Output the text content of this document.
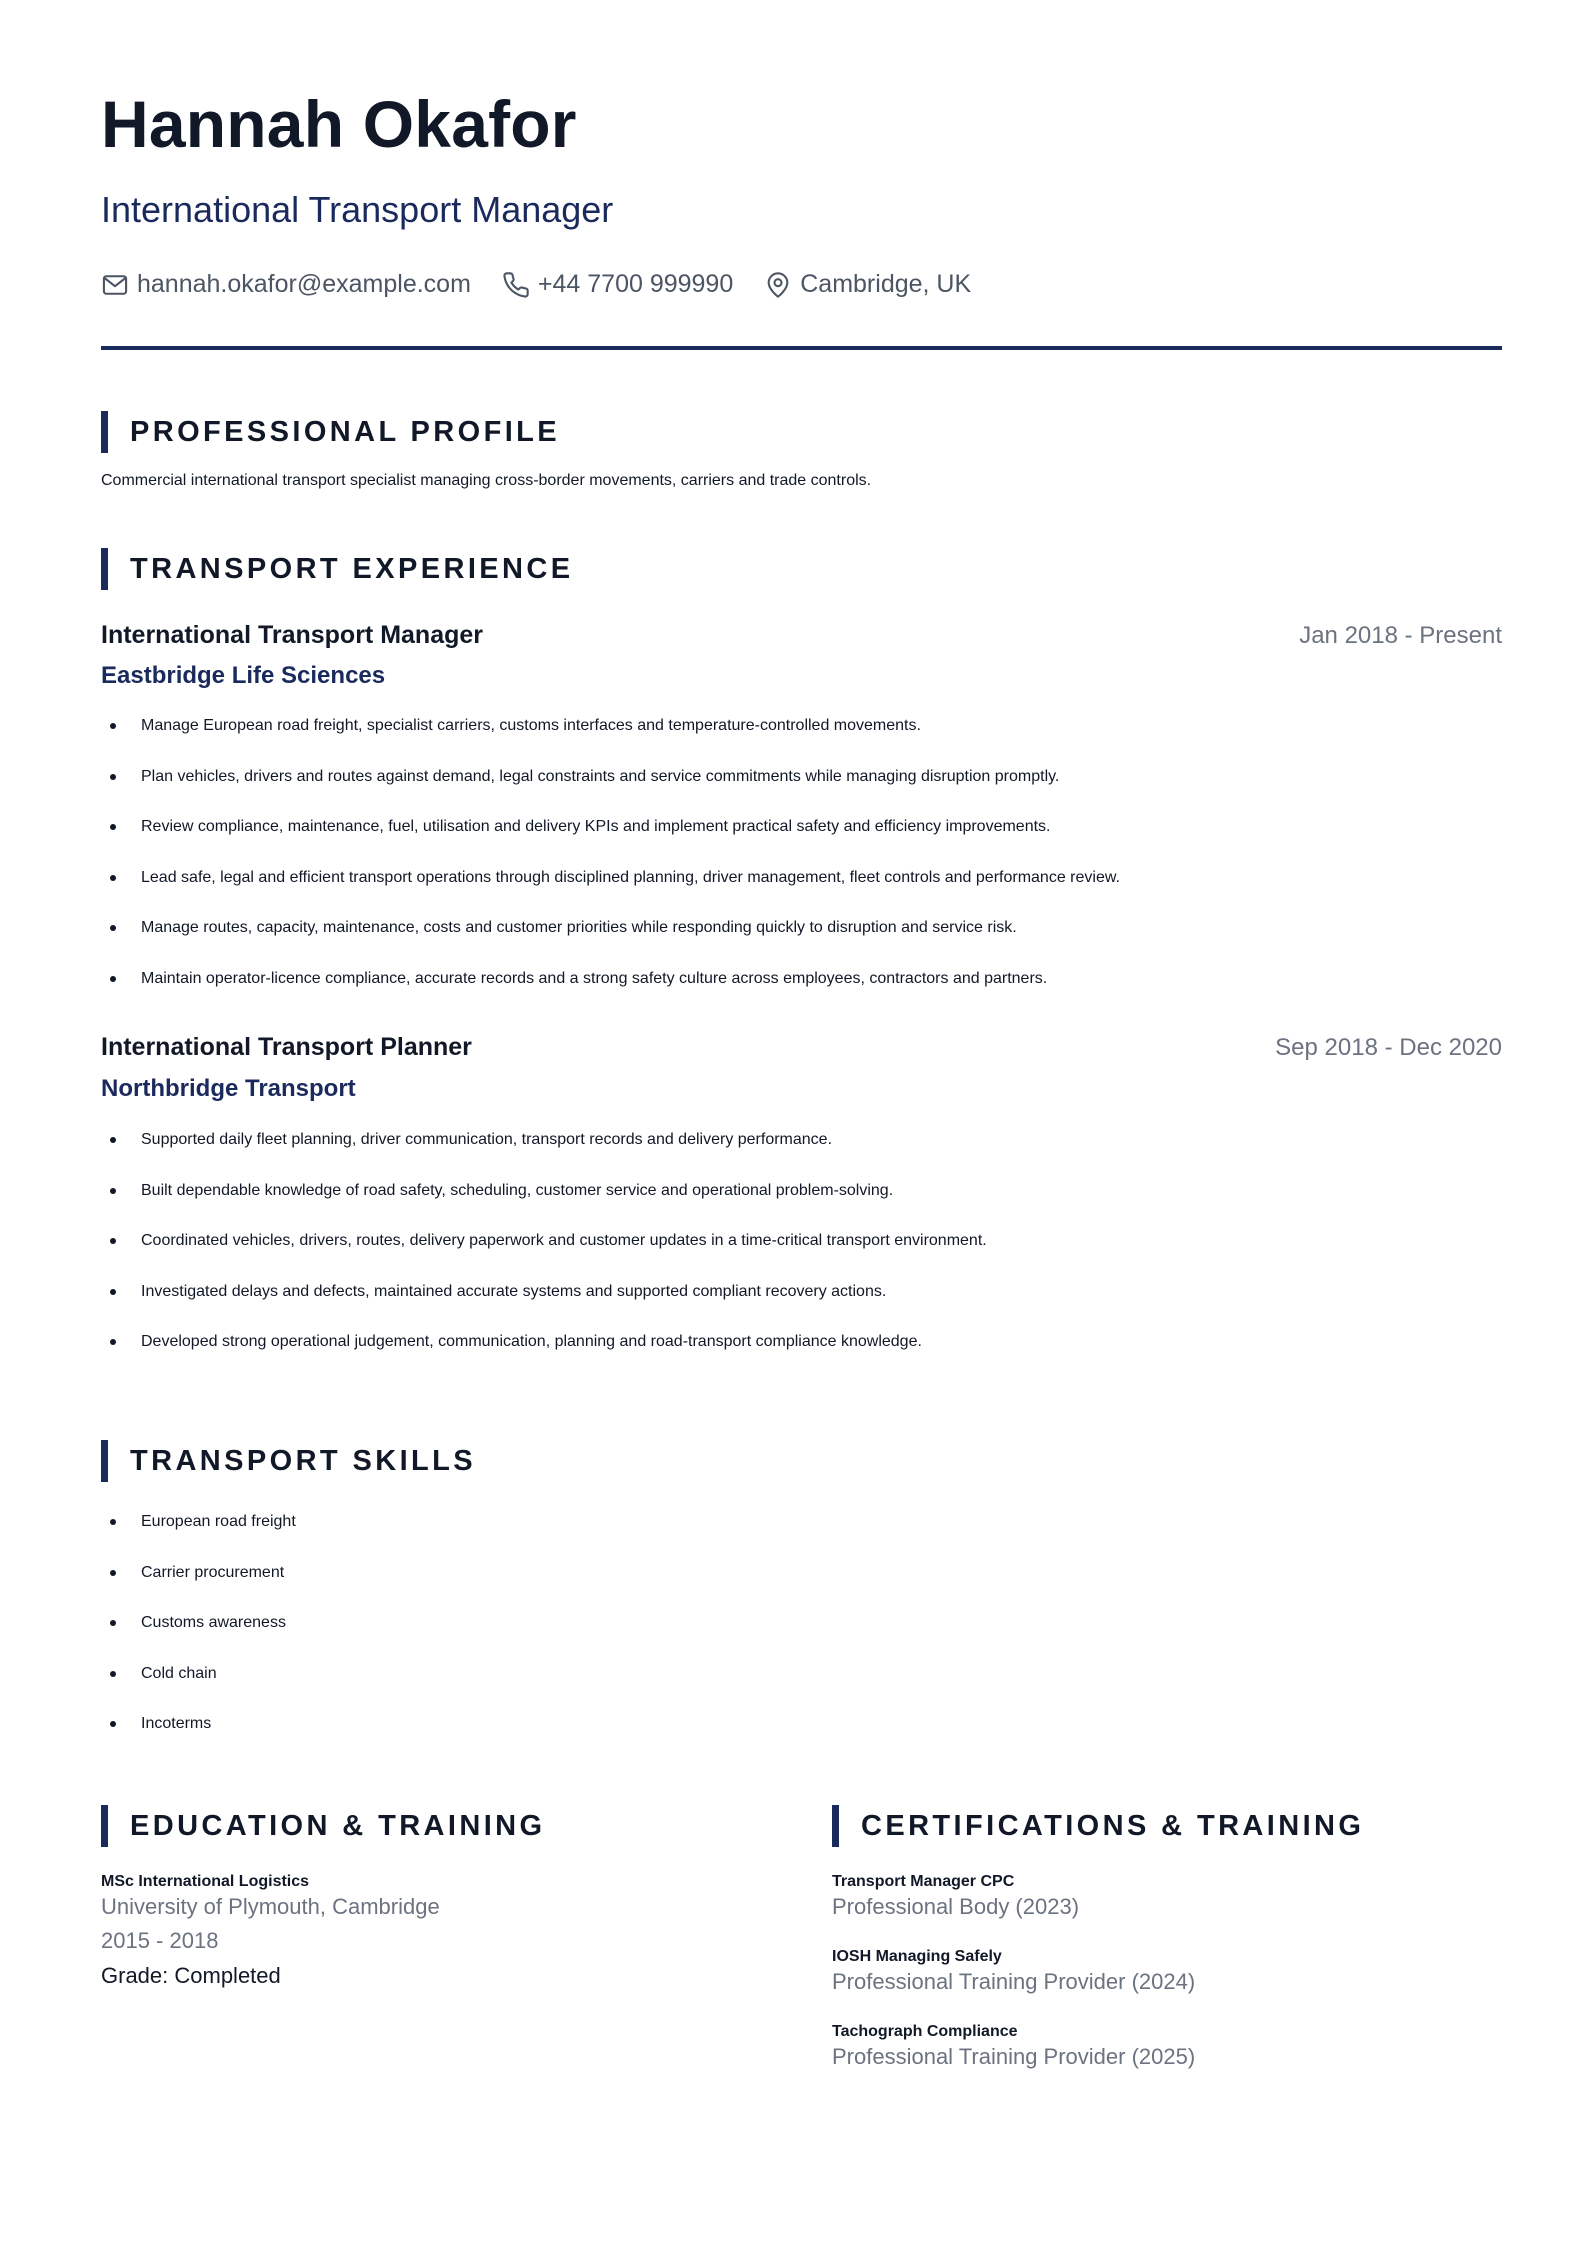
Hannah Okafor
International Transport Manager
hannah.okafor@example.com	+44 7700 999990	Cambridge, UK
PROFESSIONAL PROFILE
Commercial international transport specialist managing cross-border movements, carriers and trade controls.
TRANSPORT EXPERIENCE
International Transport Manager	Jan 2018 - Present
Eastbridge Life Sciences
Manage European road freight, specialist carriers, customs interfaces and temperature-controlled movements.
Plan vehicles, drivers and routes against demand, legal constraints and service commitments while managing disruption promptly.
Review compliance, maintenance, fuel, utilisation and delivery KPIs and implement practical safety and efficiency improvements.
Lead safe, legal and efficient transport operations through disciplined planning, driver management, fleet controls and performance review.
Manage routes, capacity, maintenance, costs and customer priorities while responding quickly to disruption and service risk.
Maintain operator-licence compliance, accurate records and a strong safety culture across employees, contractors and partners.
International Transport Planner	Sep 2018 - Dec 2020
Northbridge Transport
Supported daily fleet planning, driver communication, transport records and delivery performance.
Built dependable knowledge of road safety, scheduling, customer service and operational problem-solving.
Coordinated vehicles, drivers, routes, delivery paperwork and customer updates in a time-critical transport environment.
Investigated delays and defects, maintained accurate systems and supported compliant recovery actions.
Developed strong operational judgement, communication, planning and road-transport compliance knowledge.
TRANSPORT SKILLS
European road freight
Carrier procurement
Customs awareness
Cold chain
Incoterms
EDUCATION & TRAINING
MSc International Logistics
University of Plymouth, Cambridge
2015 - 2018
Grade: Completed
CERTIFICATIONS & TRAINING
Transport Manager CPC
Professional Body (2023)
IOSH Managing Safely
Professional Training Provider (2024)
Tachograph Compliance
Professional Training Provider (2025)
